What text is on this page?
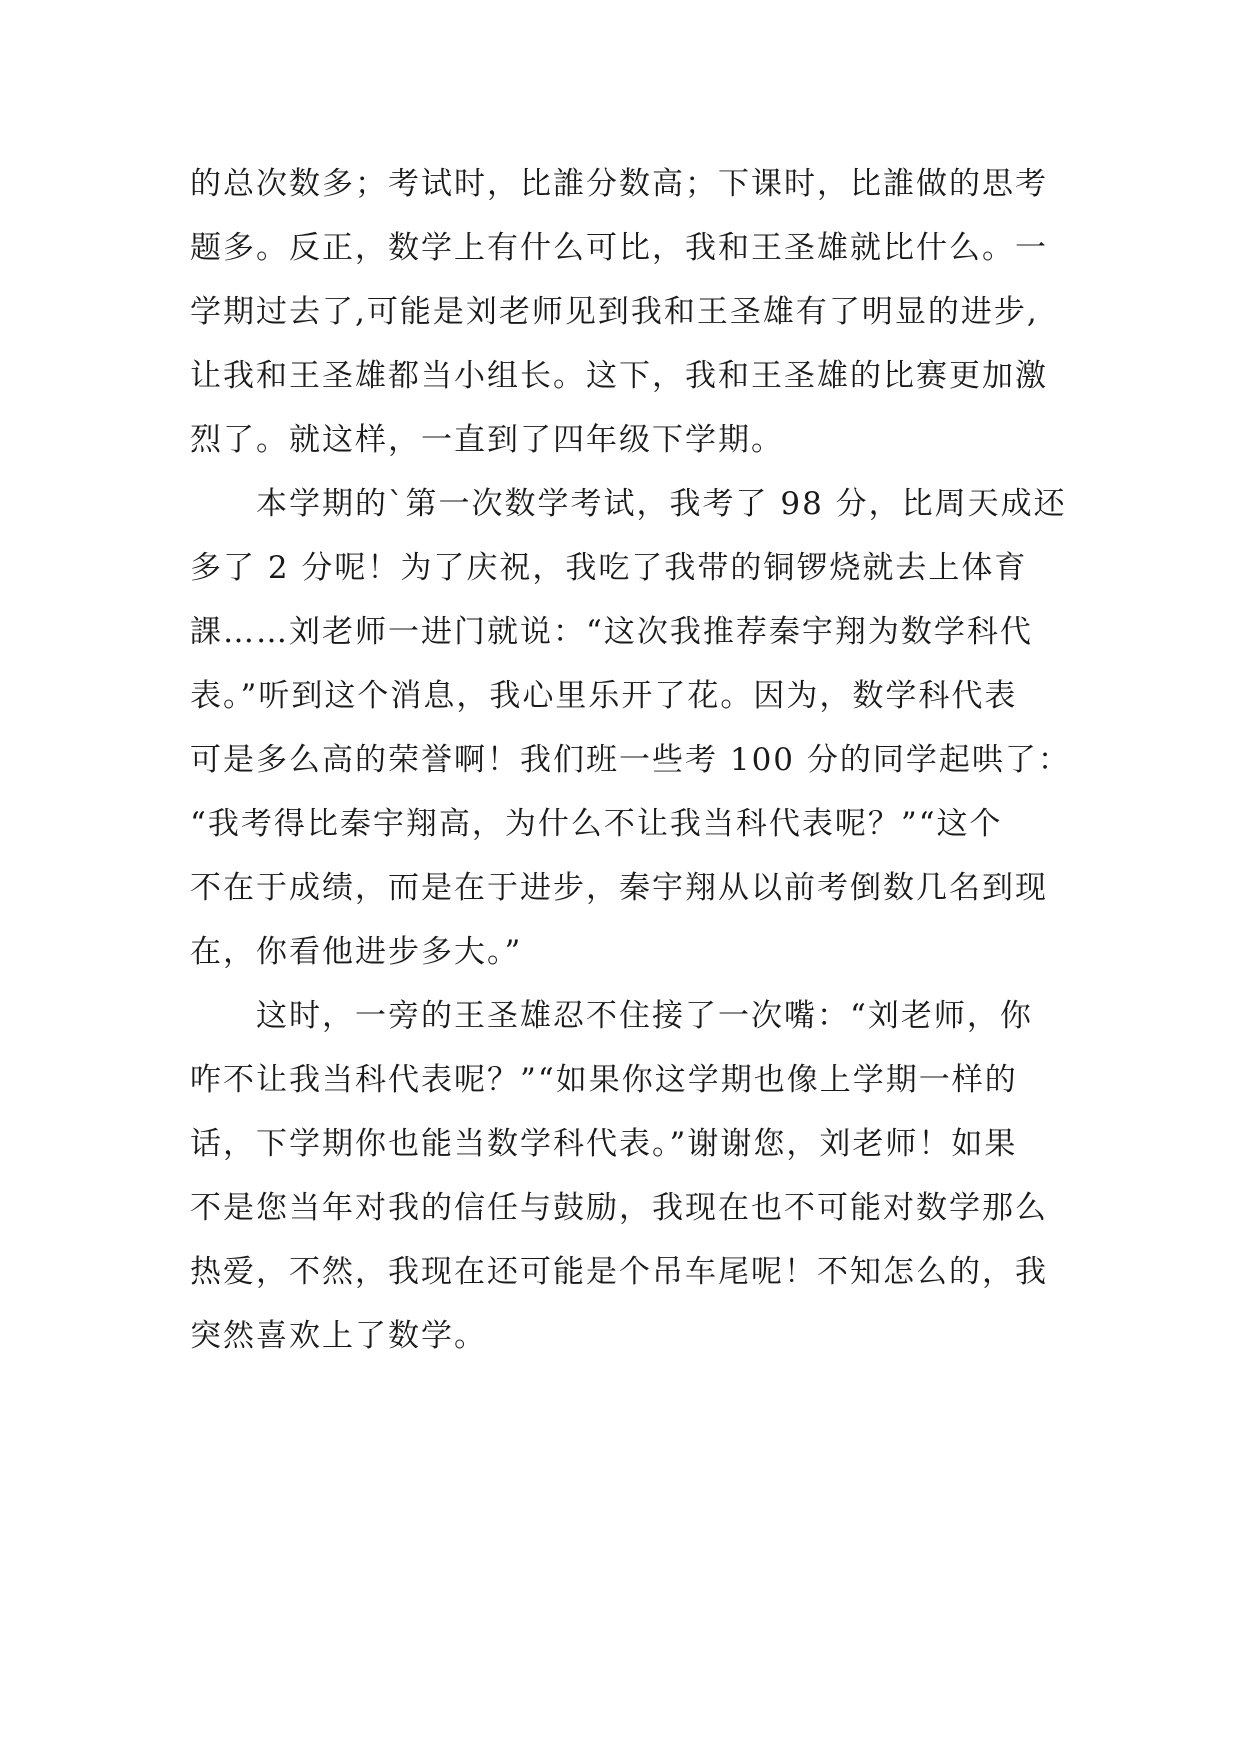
的总次数多；考试时，比誰分数高；下课时，比誰做的思考
题多。反正，数学上有什么可比，我和王圣雄就比什么。一
学期过去了,可能是刘老师见到我和王圣雄有了明显的进步,
让我和王圣雄都当小组长。这下，我和王圣雄的比赛更加激
烈了。就这样，一直到了四年级下学期。
　　本学期的`第一次数学考试，我考了 98 分，比周天成还
多了 2 分呢！为了庆祝，我吃了我带的铜锣烧就去上体育
課……刘老师一进门就说：“这次我推荐秦宇翔为数学科代
表。”听到这个消息，我心里乐开了花。因为，数学科代表
可是多么高的荣誉啊！我们班一些考 100 分的同学起哄了：
“我考得比秦宇翔高，为什么不让我当科代表呢？”“这个
不在于成绩，而是在于进步，秦宇翔从以前考倒数几名到现
在，你看他进步多大。”
　　这时，一旁的王圣雄忍不住接了一次嘴：“刘老师，你
咋不让我当科代表呢？”“如果你这学期也像上学期一样的
话，下学期你也能当数学科代表。”谢谢您，刘老师！如果
不是您当年对我的信任与鼓励，我现在也不可能对数学那么
热爱，不然，我现在还可能是个吊车尾呢！不知怎么的，我
突然喜欢上了数学。
